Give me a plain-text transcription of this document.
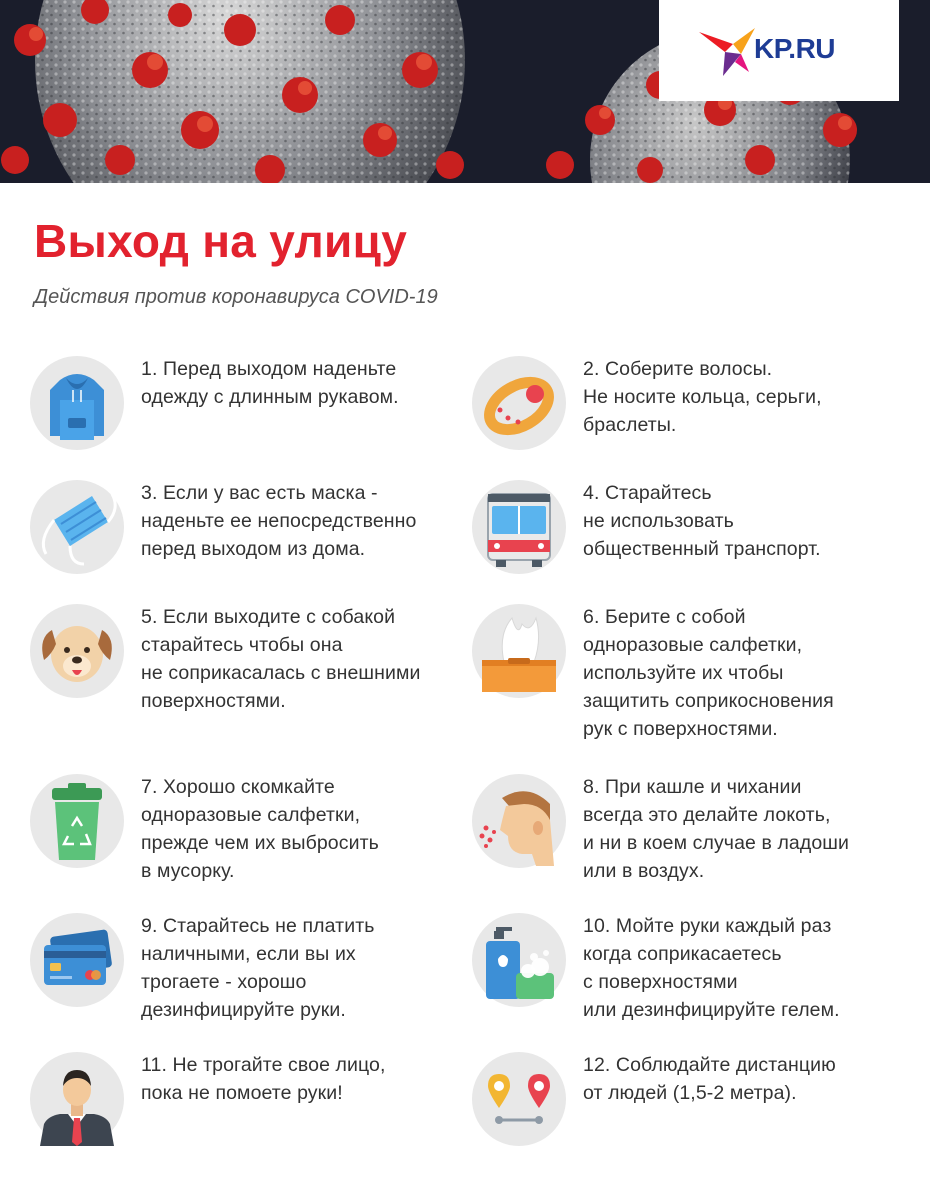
KP.RU
Выход на улицу
Действия против коронавируса COVID-19
1. Перед выходом наденьте
одежду с длинным рукавом.
2. Соберите волосы.
Не носите кольца, серьги,
браслеты.
3. Если у вас есть маска -
наденьте ее непосредственно
перед выходом из дома.
4. Старайтесь
не использовать
общественный транспорт.
5. Если выходите с собакой
старайтесь чтобы она
не соприкасалась с внешними
поверхностями.
6. Берите с собой
одноразовые салфетки,
используйте их чтобы
защитить соприкосновения
рук с поверхностями.
7. Хорошо скомкайте
одноразовые салфетки,
прежде чем их выбросить
в мусорку.
8. При кашле и чихании
всегда это делайте локоть,
и ни в коем случае в ладоши
или в воздух.
9. Старайтесь не платить
наличными, если вы их
трогаете - хорошо
дезинфицируйте руки.
10. Мойте руки каждый раз
когда соприкасаетесь
с поверхностями
или дезинфицируйте гелем.
11. Не трогайте свое лицо,
пока не помоете руки!
12. Соблюдайте дистанцию
от людей (1,5-2 метра).
